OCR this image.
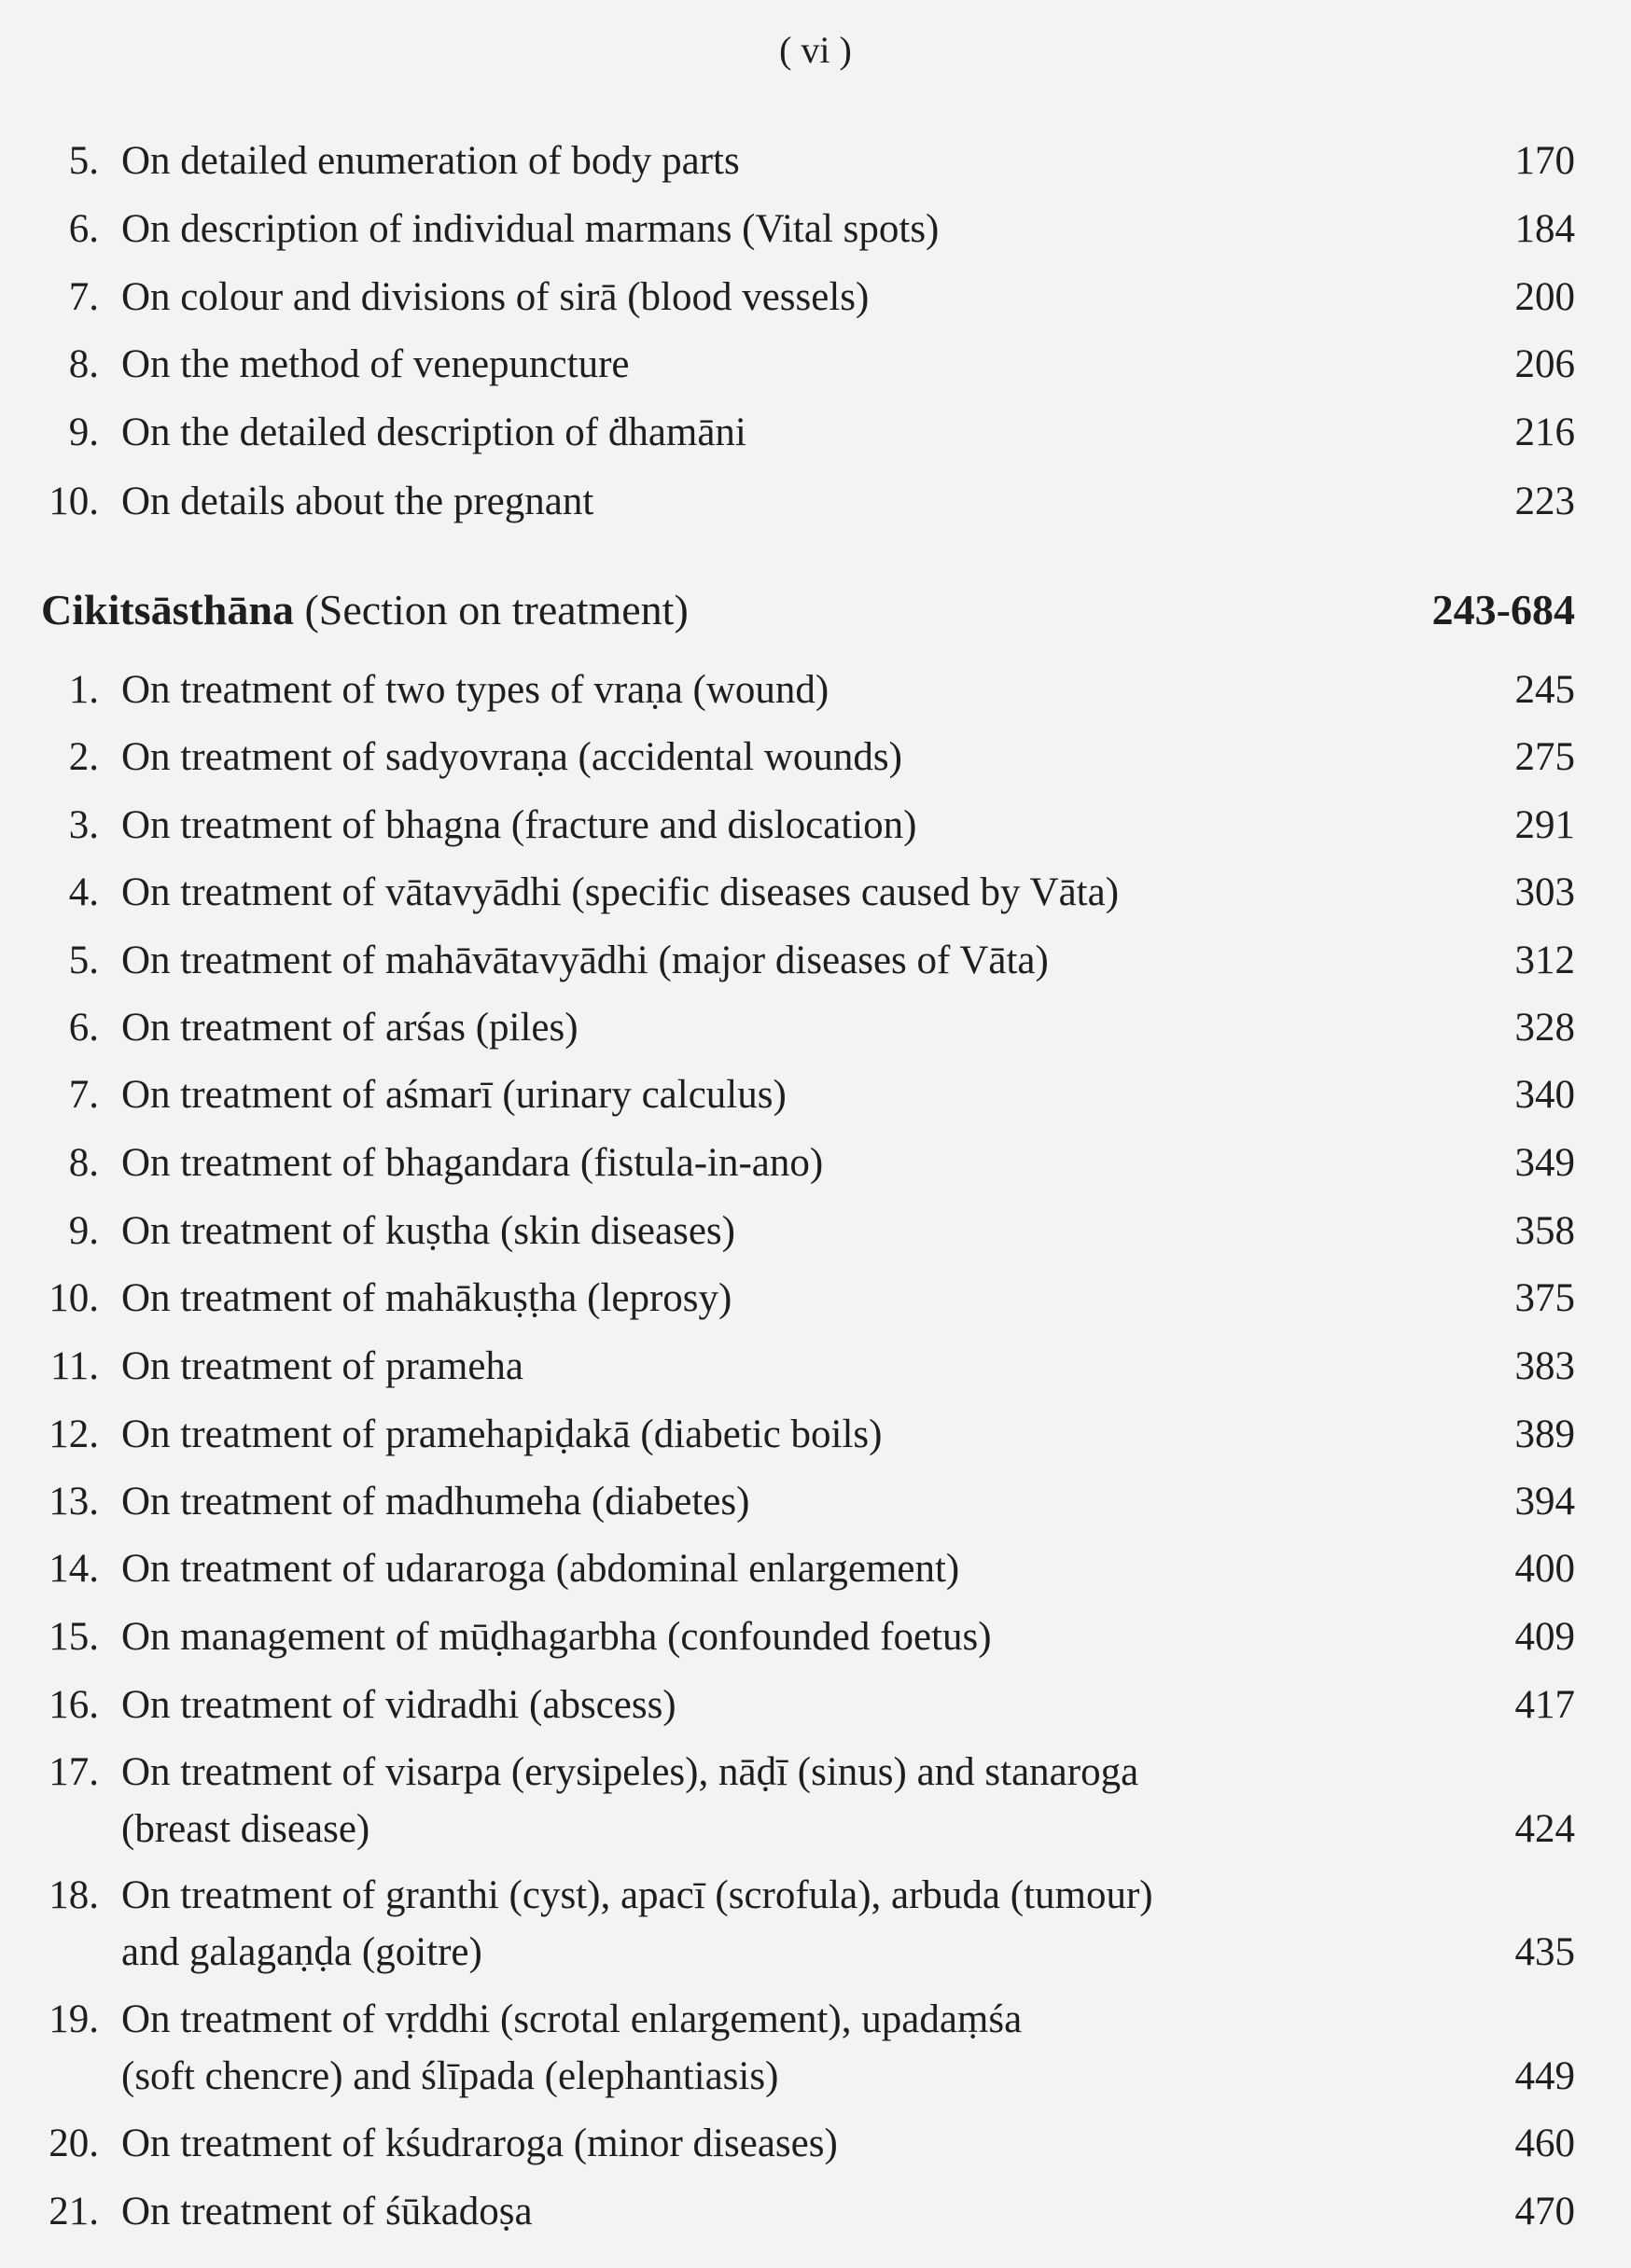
( vi )
5. On detailed enumeration of body parts	170
6. On description of individual marmans (Vital spots)	184
7. On colour and divisions of sirā (blood vessels)	200
8. On the method of venepuncture	206
9. On the detailed description of ḋhamāni	216
10. On details about the pregnant	223
Cikitsāsthāna (Section on treatment)	243-684
1. On treatment of two types of vraṇa (wound)	245
2. On treatment of sadyovraṇa (accidental wounds)	275
3. On treatment of bhagna (fracture and dislocation)	291
4. On treatment of vātavyādhi (specific diseases caused by Vāta)	303
5. On treatment of mahāvātavyādhi (major diseases of Vāta)	312
6. On treatment of arśas (piles)	328
7. On treatment of aśmarī (urinary calculus)	340
8. On treatment of bhagandara (fistula-in-ano)	349
9. On treatment of kuṣtha (skin diseases)	358
10. On treatment of mahākuṣṭha (leprosy)	375
11. On treatment of prameha	383
12. On treatment of pramehapiḍakā (diabetic boils)	389
13. On treatment of madhumeha (diabetes)	394
14. On treatment of udararoga (abdominal enlargement)	400
15. On management of mūḍhagarbha (confounded foetus)	409
16. On treatment of vidradhi (abscess)	417
17. On treatment of visarpa (erysipeles), nāḍī (sinus) and stanaroga
(breast disease)	424
18. On treatment of granthi (cyst), apacī (scrofula), arbuda (tumour)
and galagaṇḍa (goitre)	435
19. On treatment of vṛddhi (scrotal enlargement), upadaṃśa
(soft chencre) and ślīpada (elephantiasis)	449
20. On treatment of kśudraroga (minor diseases)	460
21. On treatment of śūkadoṣa	470
